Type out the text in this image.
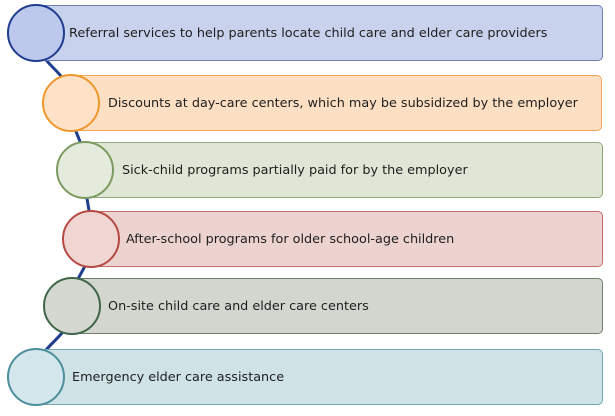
Referral services to help parents locate child care and elder care providers
Discounts at day-care centers, which may be subsidized by the employer
Sick-child programs partially paid for by the employer
After-school programs for older school-age children
On-site child care and elder care centers
Emergency elder care assistance
